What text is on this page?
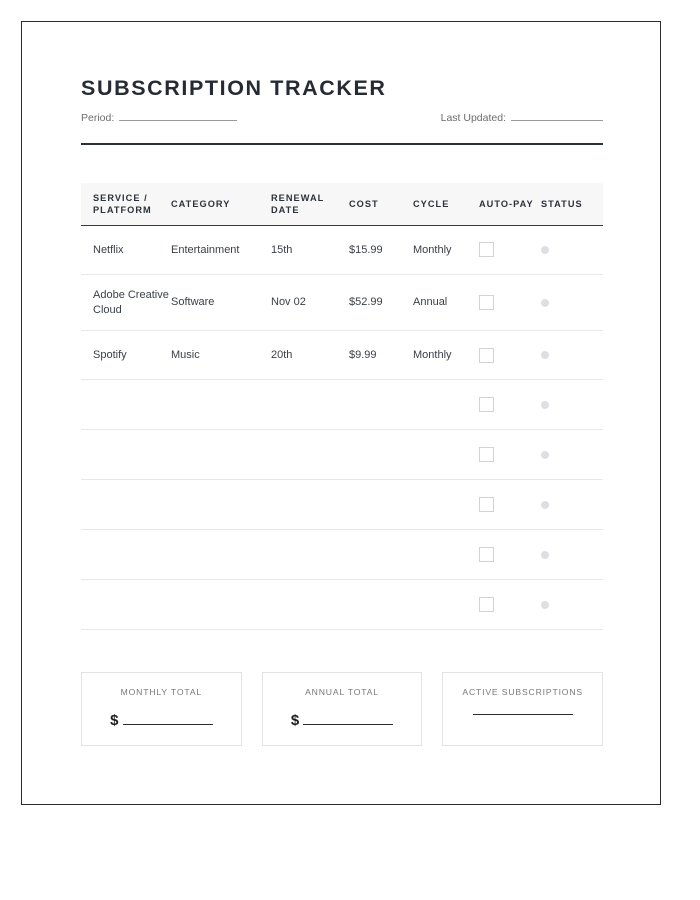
SUBSCRIPTION TRACKER
Period:	Last Updated:
SERVICE / PLATFORM	CATEGORY	RENEWAL DATE	COST	CYCLE	AUTO-PAY	STATUS
Netflix	Entertainment	15th	$15.99	Monthly	

Adobe Creative Cloud	Software	Nov 02	$52.99	Annual	

Spotify	Music	20th	$9.99	Monthly	

MONTHLY TOTAL
$
ANNUAL TOTAL
$
ACTIVE SUBSCRIPTIONS
